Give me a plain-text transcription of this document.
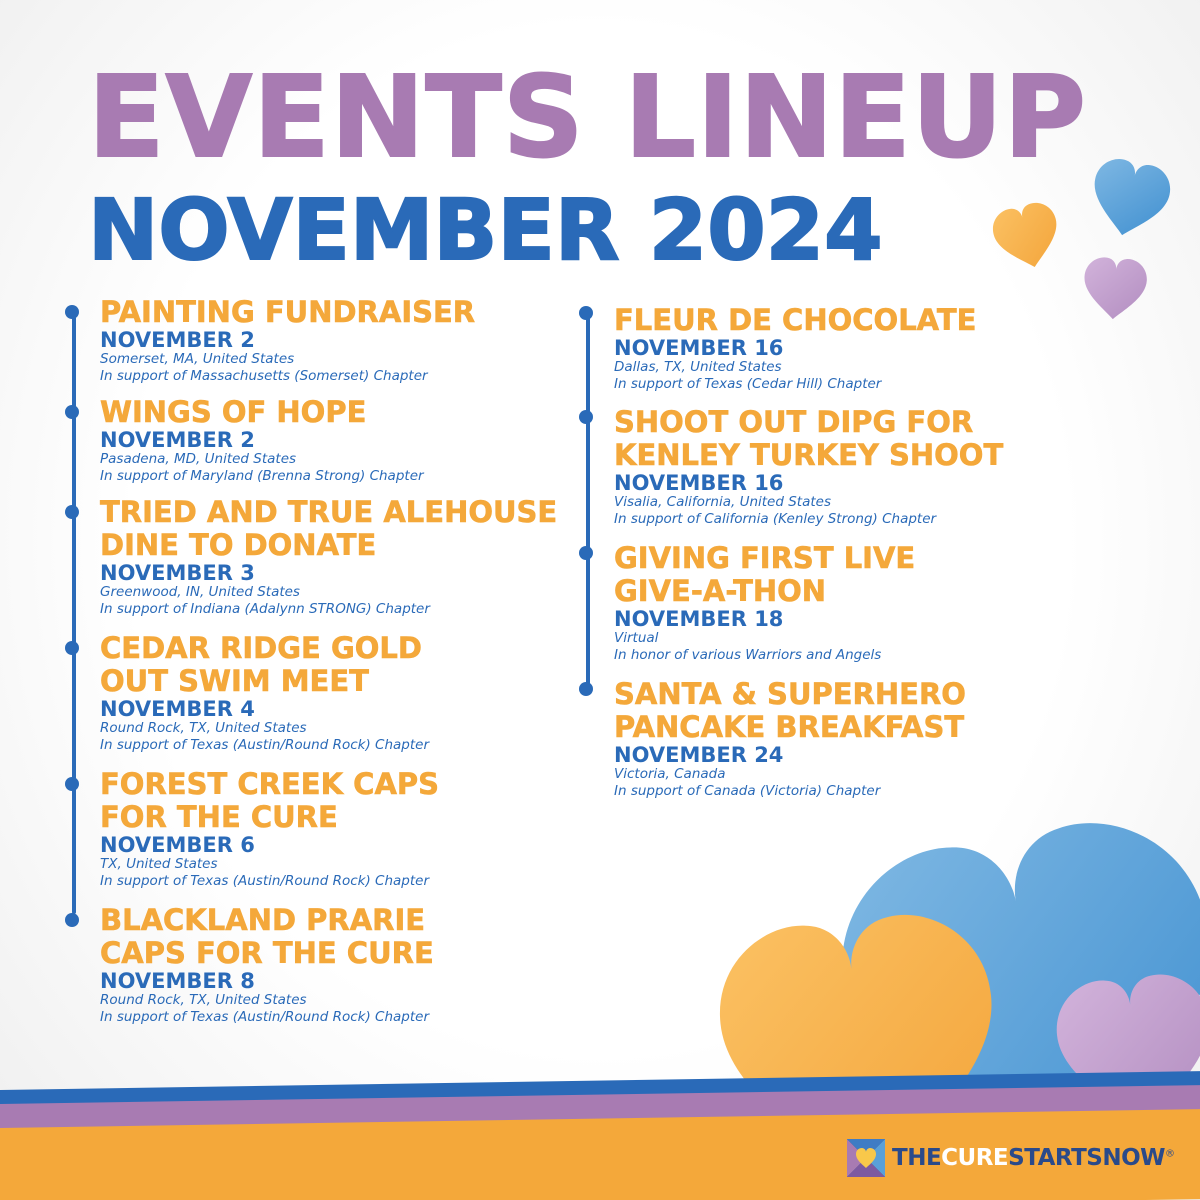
EVENTS LINEUP
NOVEMBER 2024

PAINTING FUNDRAISER

NOVEMBER 2

Somerset, MA, United States

In support of Massachusetts (Somerset) Chapter

WINGS OF HOPE

NOVEMBER 2

Pasadena, MD, United States

In support of Maryland (Brenna Strong) Chapter

TRIED AND TRUE ALEHOUSE

DINE TO DONATE

NOVEMBER 3

Greenwood, IN, United States

In support of Indiana (Adalynn STRONG) Chapter

CEDAR RIDGE GOLD

OUT SWIM MEET

NOVEMBER 4

Round Rock, TX, United States

In support of Texas (Austin/Round Rock) Chapter

FOREST CREEK CAPS

FOR THE CURE

NOVEMBER 6

TX, United States

In support of Texas (Austin/Round Rock) Chapter

BLACKLAND PRARIE

CAPS FOR THE CURE

NOVEMBER 8

Round Rock, TX, United States

In support of Texas (Austin/Round Rock) Chapter

FLEUR DE CHOCOLATE

NOVEMBER 16

Dallas, TX, United States

In support of Texas (Cedar Hill) Chapter

SHOOT OUT DIPG FOR

KENLEY TURKEY SHOOT

NOVEMBER 16

Visalia, California, United States

In support of California (Kenley Strong) Chapter

GIVING FIRST LIVE

GIVE-A-THON

NOVEMBER 18

Virtual

In honor of various Warriors and Angels

SANTA & SUPERHERO

PANCAKE BREAKFAST

NOVEMBER 24

Victoria, Canada

In support of Canada (Victoria) Chapter

THECURESTARTSNOW®
